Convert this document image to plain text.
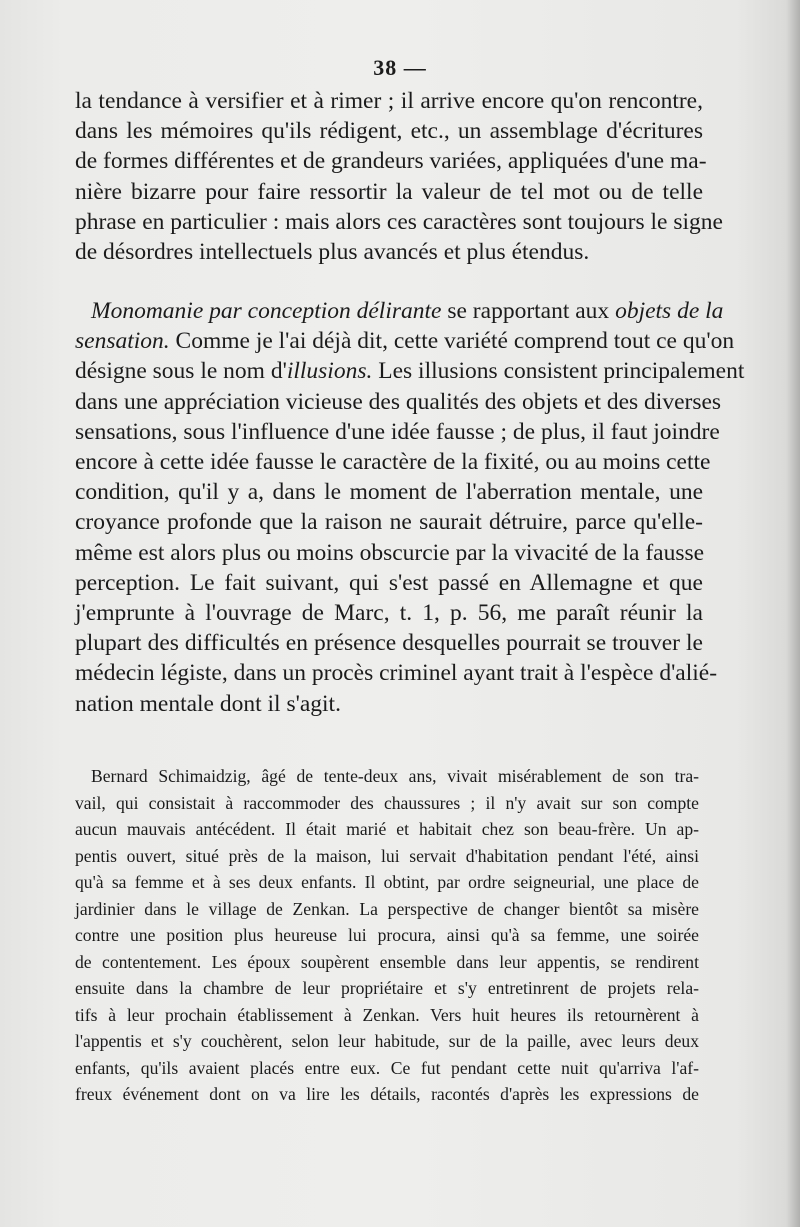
38 —
la tendance à versifier et à rimer ; il arrive encore qu'on rencontre,
dans les mémoires qu'ils rédigent, etc., un assemblage d'écritures
de formes différentes et de grandeurs variées, appliquées d'une ma-
nière bizarre pour faire ressortir la valeur de tel mot ou de telle
phrase en particulier : mais alors ces caractères sont toujours le signe
de désordres intellectuels plus avancés et plus étendus.
Monomanie par conception délirante se rapportant aux objets de la
sensation. Comme je l'ai déjà dit, cette variété comprend tout ce qu'on
désigne sous le nom d'illusions. Les illusions consistent principalement
dans une appréciation vicieuse des qualités des objets et des diverses
sensations, sous l'influence d'une idée fausse ; de plus, il faut joindre
encore à cette idée fausse le caractère de la fixité, ou au moins cette
condition, qu'il y a, dans le moment de l'aberration mentale, une
croyance profonde que la raison ne saurait détruire, parce qu'elle-
même est alors plus ou moins obscurcie par la vivacité de la fausse
perception. Le fait suivant, qui s'est passé en Allemagne et que
j'emprunte à l'ouvrage de Marc, t. 1, p. 56, me paraît réunir la
plupart des difficultés en présence desquelles pourrait se trouver le
médecin légiste, dans un procès criminel ayant trait à l'espèce d'alié-
nation mentale dont il s'agit.
Bernard Schimaidzig, âgé de tente-deux ans, vivait misérablement de son tra-
vail, qui consistait à raccommoder des chaussures ; il n'y avait sur son compte
aucun mauvais antécédent. Il était marié et habitait chez son beau-frère. Un ap-
pentis ouvert, situé près de la maison, lui servait d'habitation pendant l'été, ainsi
qu'à sa femme et à ses deux enfants. Il obtint, par ordre seigneurial, une place de
jardinier dans le village de Zenkan. La perspective de changer bientôt sa misère
contre une position plus heureuse lui procura, ainsi qu'à sa femme, une soirée
de contentement. Les époux soupèrent ensemble dans leur appentis, se rendirent
ensuite dans la chambre de leur propriétaire et s'y entretinrent de projets rela-
tifs à leur prochain établissement à Zenkan. Vers huit heures ils retournèrent à
l'appentis et s'y couchèrent, selon leur habitude, sur de la paille, avec leurs deux
enfants, qu'ils avaient placés entre eux. Ce fut pendant cette nuit qu'arriva l'af-
freux événement dont on va lire les détails, racontés d'après les expressions de
